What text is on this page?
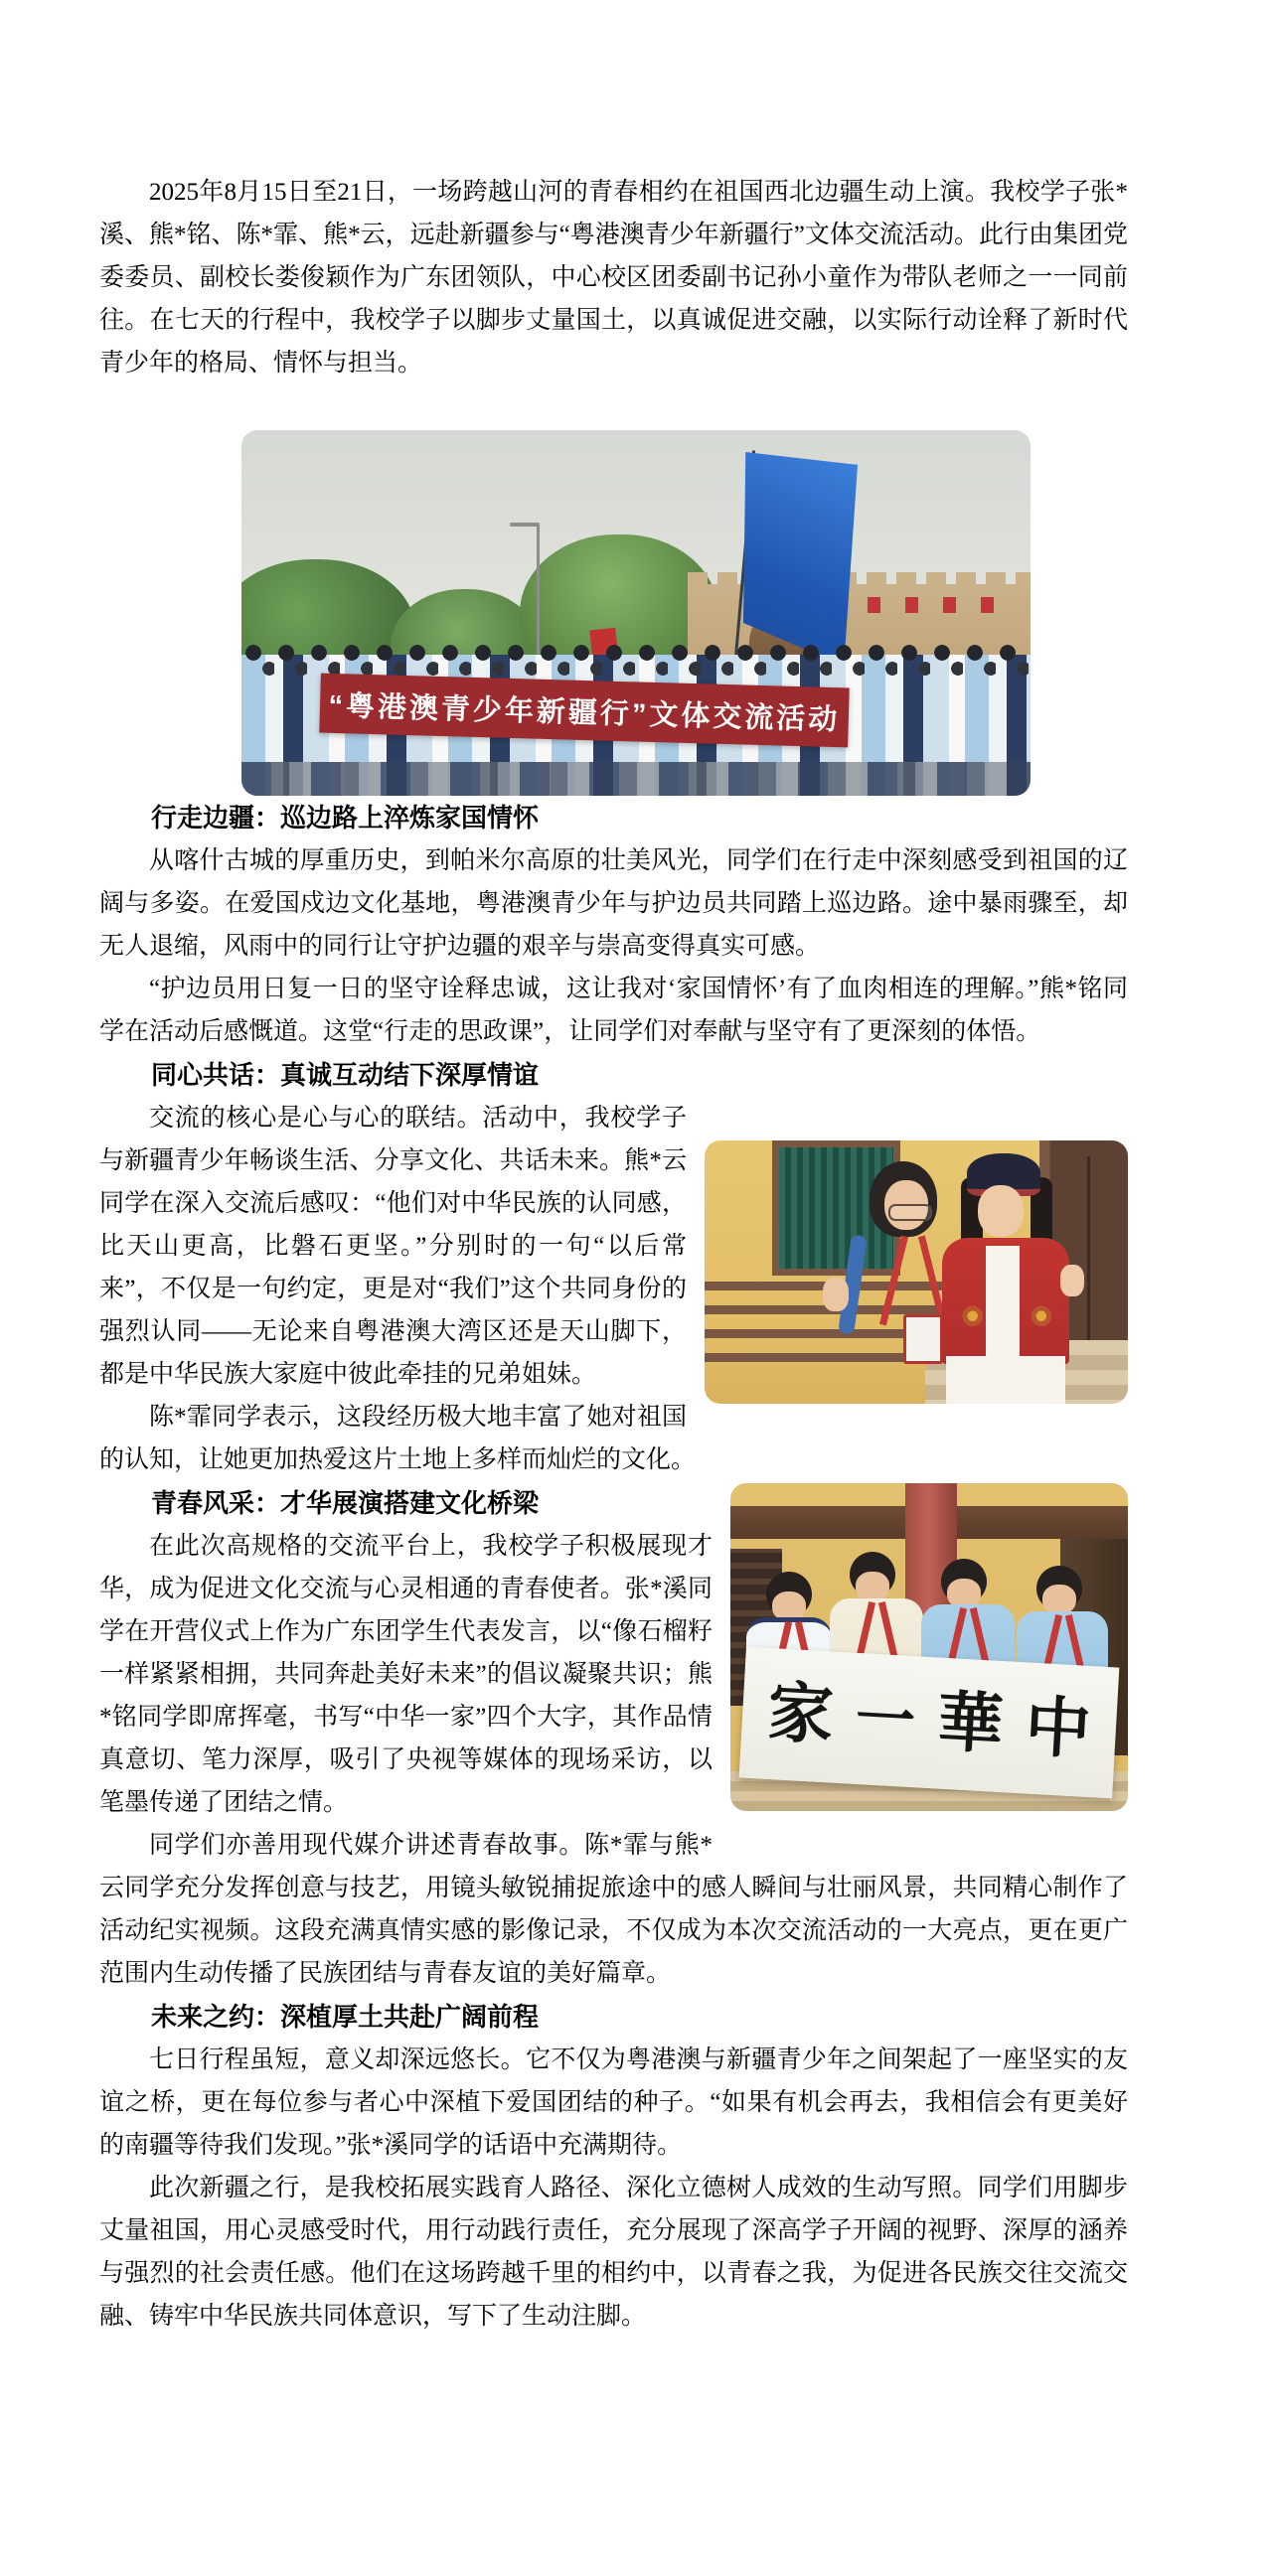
2025年8月15日至21日，一场跨越山河的青春相约在祖国西北边疆生动上演。我校学子张*溪、熊*铭、陈*霏、熊*云，远赴新疆参与“粤港澳青少年新疆行”文体交流活动。此行由集团党委委员、副校长娄俊颖作为广东团领队，中心校区团委副书记孙小童作为带队老师之一一同前往。在七天的行程中，我校学子以脚步丈量国土，以真诚促进交融，以实际行动诠释了新时代青少年的格局、情怀与担当。

“粤港澳青少年新疆行”文体交流活动
行走边疆：巡边路上淬炼家国情怀

从喀什古城的厚重历史，到帕米尔高原的壮美风光，同学们在行走中深刻感受到祖国的辽阔与多姿。在爱国戍边文化基地，粤港澳青少年与护边员共同踏上巡边路。途中暴雨骤至，却无人退缩，风雨中的同行让守护边疆的艰辛与崇高变得真实可感。

“护边员用日复一日的坚守诠释忠诚，这让我对‘家国情怀’有了血肉相连的理解。”熊*铭同学在活动后感慨道。这堂“行走的思政课”，让同学们对奉献与坚守有了更深刻的体悟。

同心共话：真诚互动结下深厚情谊

交流的核心是心与心的联结。活动中，我校学子与新疆青少年畅谈生活、分享文化、共话未来。熊*云同学在深入交流后感叹：“他们对中华民族的认同感，比天山更高，比磐石更坚。”分别时的一句“以后常来”，不仅是一句约定，更是对“我们”这个共同身份的强烈认同——无论来自粤港澳大湾区还是天山脚下，都是中华民族大家庭中彼此牵挂的兄弟姐妹。

陈*霏同学表示，这段经历极大地丰富了她对祖国的认知，让她更加热爱这片土地上多样而灿烂的文化。

家 一 華 中
青春风采：才华展演搭建文化桥梁

在此次高规格的交流平台上，我校学子积极展现才华，成为促进文化交流与心灵相通的青春使者。张*溪同学在开营仪式上作为广东团学生代表发言，以“像石榴籽一样紧紧相拥，共同奔赴美好未来”的倡议凝聚共识；熊*铭同学即席挥毫，书写“中华一家”四个大字，其作品情真意切、笔力深厚，吸引了央视等媒体的现场采访，以笔墨传递了团结之情。

同学们亦善用现代媒介讲述青春故事。陈*霏与熊*云同学充分发挥创意与技艺，用镜头敏锐捕捉旅途中的感人瞬间与壮丽风景，共同精心制作了活动纪实视频。这段充满真情实感的影像记录，不仅成为本次交流活动的一大亮点，更在更广范围内生动传播了民族团结与青春友谊的美好篇章。

未来之约：深植厚土共赴广阔前程

七日行程虽短，意义却深远悠长。它不仅为粤港澳与新疆青少年之间架起了一座坚实的友谊之桥，更在每位参与者心中深植下爱国团结的种子。“如果有机会再去，我相信会有更美好的南疆等待我们发现。”张*溪同学的话语中充满期待。

此次新疆之行，是我校拓展实践育人路径、深化立德树人成效的生动写照。同学们用脚步丈量祖国，用心灵感受时代，用行动践行责任，充分展现了深高学子开阔的视野、深厚的涵养与强烈的社会责任感。他们在这场跨越千里的相约中，以青春之我，为促进各民族交往交流交融、铸牢中华民族共同体意识，写下了生动注脚。
